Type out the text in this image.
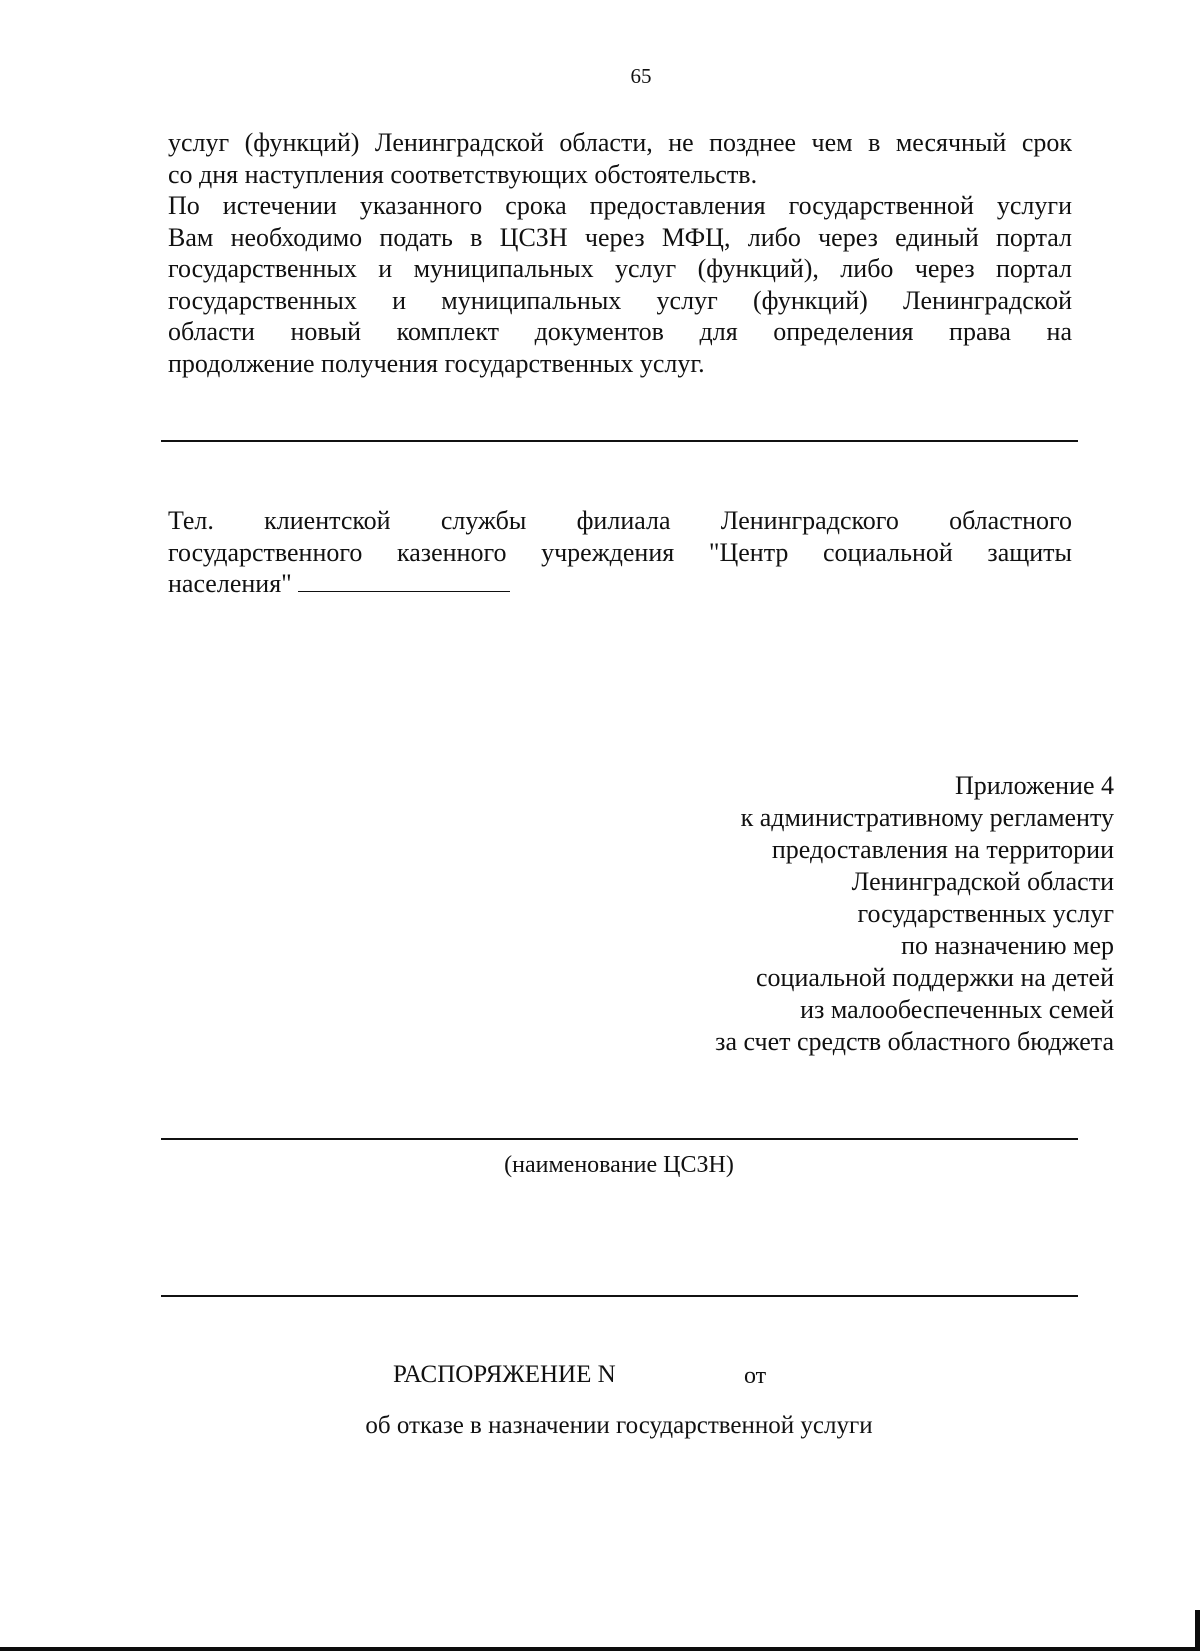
65
услуг (функций) Ленинградской области, не позднее чем в месячный срок
со дня наступления соответствующих обстоятельств.
По истечении указанного срока предоставления государственной услуги
Вам необходимо подать в ЦСЗН через МФЦ, либо через единый портал
государственных и муниципальных услуг (функций), либо через портал
государственных и муниципальных услуг (функций) Ленинградской
области новый комплект документов для определения права на
продолжение получения государственных услуг.
Тел. клиентской службы филиала Ленинградского областного
государственного казенного учреждения "Центр социальной защиты
населения"
Приложение 4
к административному регламенту
предоставления на территории
Ленинградской области
государственных услуг
по назначению мер
социальной поддержки на детей
из малообеспеченных семей
за счет средств областного бюджета
(наименование ЦСЗН)
РАСПОРЯЖЕНИЕ N	от
об отказе в назначении государственной услуги
